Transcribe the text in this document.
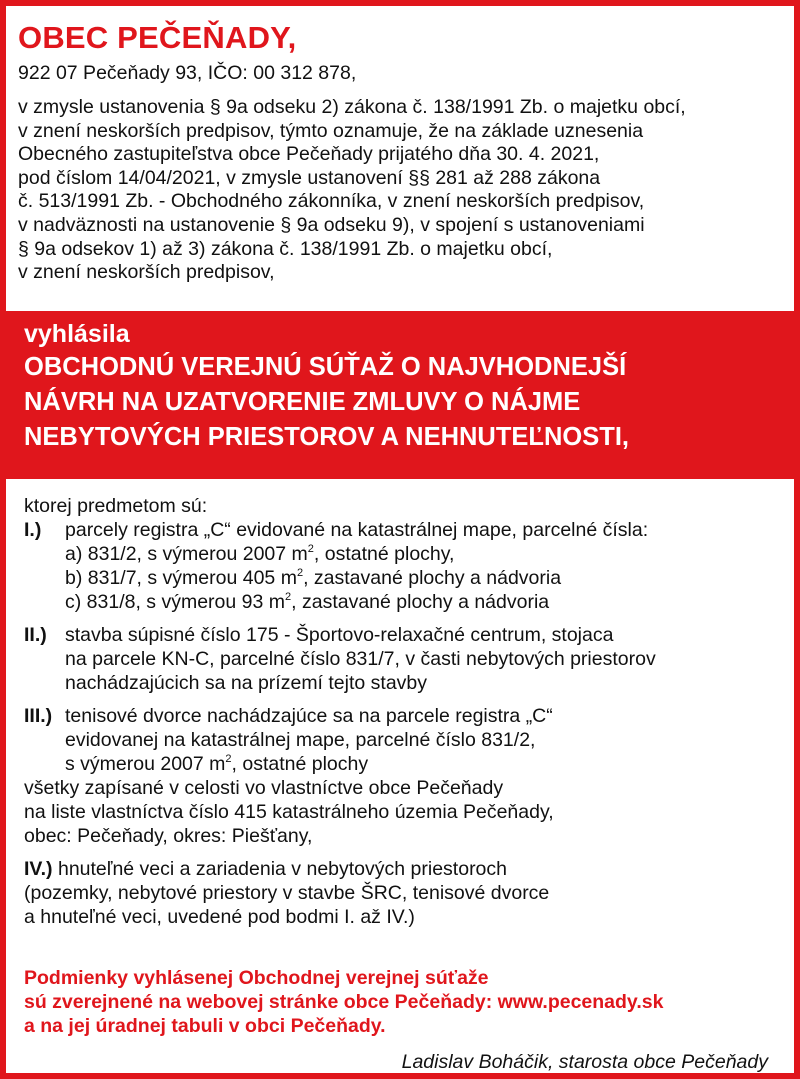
OBEC PEČEŇADY,
922 07 Pečeňady 93, IČO: 00 312 878,
v zmysle ustanovenia § 9a odseku 2) zákona č. 138/1991 Zb. o majetku obcí,
v znení neskorších predpisov, týmto oznamuje, že na základe uznesenia
Obecného zastupiteľstva obce Pečeňady prijatého dňa 30. 4. 2021,
pod číslom 14/04/2021, v zmysle ustanovení §§ 281 až 288 zákona
č. 513/1991 Zb. - Obchodného zákonníka, v znení neskorších predpisov,
v nadväznosti na ustanovenie § 9a odseku 9), v spojení s ustanoveniami
§ 9a odsekov 1) až 3) zákona č. 138/1991 Zb. o majetku obcí,
v znení neskorších predpisov,
vyhlásila
OBCHODNÚ VEREJNÚ SÚŤAŽ O NAJVHODNEJŠÍ
NÁVRH NA UZATVORENIE ZMLUVY O NÁJME
NEBYTOVÝCH PRIESTOROV A NEHNUTEĽNOSTI,
ktorej predmetom sú:
I.) parcely registra „C“ evidované na katastrálnej mape, parcelné čísla:
a) 831/2, s výmerou 2007 $m^2$, ostatné plochy,
b) 831/7, s výmerou 405 $m^2$, zastavané plochy a nádvoria
c) 831/8, s výmerou 93 $m^2$, zastavané plochy a nádvoria
II.) stavba súpisné číslo 175 - Športovo-relaxačné centrum, stojaca
na parcele KN-C, parcelné číslo 831/7, v časti nebytových priestorov
nachádzajúcich sa na prízemí tejto stavby
III.) tenisové dvorce nachádzajúce sa na parcele registra „C“
evidovanej na katastrálnej mape, parcelné číslo 831/2,
s výmerou 2007 $m^2$, ostatné plochy
všetky zapísané v celosti vo vlastníctve obce Pečeňady
na liste vlastníctva číslo 415 katastrálneho územia Pečeňady,
obec: Pečeňady, okres: Piešťany,
IV.) hnuteľné veci a zariadenia v nebytových priestoroch
(pozemky, nebytové priestory v stavbe ŠRC, tenisové dvorce
a hnuteľné veci, uvedené pod bodmi I. až IV.)
Podmienky vyhlásenej Obchodnej verejnej súťaže
sú zverejnené na webovej stránke obce Pečeňady: www.pecenady.sk
a na jej úradnej tabuli v obci Pečeňady.
Ladislav Boháčik, starosta obce Pečeňady
